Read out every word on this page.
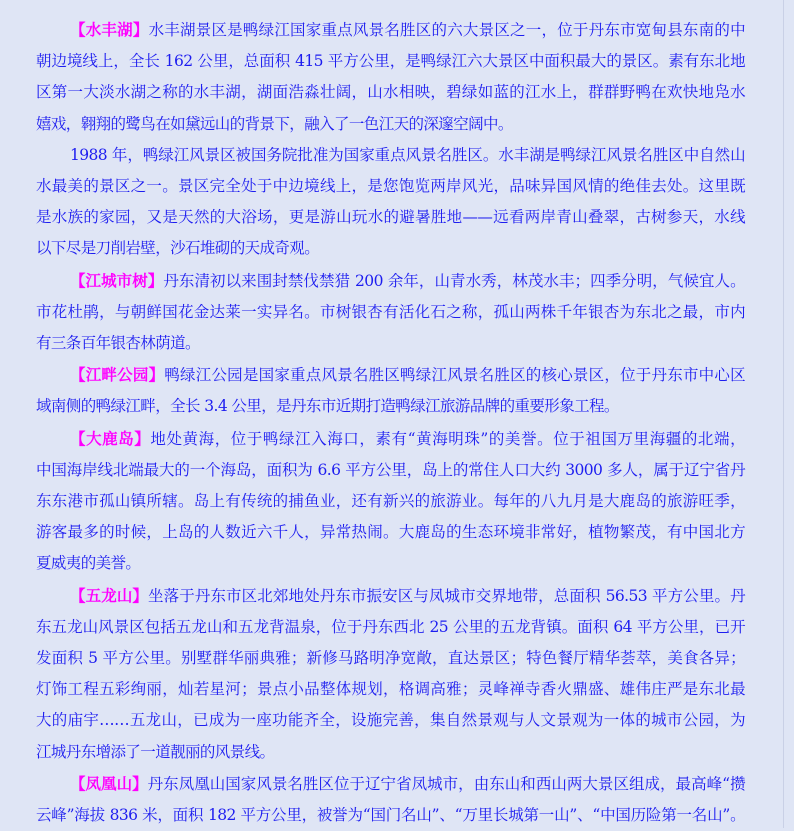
【水丰湖】水丰湖景区是鸭绿江国家重点风景名胜区的六大景区之一，位于丹东市宽甸县东南的中
朝边境线上，全长 162 公里，总面积 415 平方公里，是鸭绿江六大景区中面积最大的景区。素有东北地
区第一大淡水湖之称的水丰湖，湖面浩淼壮阔，山水相映，碧绿如蓝的江水上，群群野鸭在欢快地凫水
嬉戏，翱翔的鹭鸟在如黛远山的背景下，融入了一色江天的深邃空阔中。
1988 年，鸭绿江风景区被国务院批准为国家重点风景名胜区。水丰湖是鸭绿江风景名胜区中自然山
水最美的景区之一。景区完全处于中边境线上，是您饱览两岸风光，品味异国风情的绝佳去处。这里既
是水族的家园，又是天然的大浴场，更是游山玩水的避暑胜地——远看两岸青山叠翠，古树参天，水线
以下尽是刀削岩壁，沙石堆砌的天成奇观。
【江城市树】丹东清初以来围封禁伐禁猎 200 余年，山青水秀，林茂水丰；四季分明，气候宜人。
市花杜鹃，与朝鲜国花金达莱一实异名。市树银杏有活化石之称，孤山两株千年银杏为东北之最，市内
有三条百年银杏林荫道。
【江畔公园】鸭绿江公园是国家重点风景名胜区鸭绿江风景名胜区的核心景区，位于丹东市中心区
域南侧的鸭绿江畔，全长 3.4 公里，是丹东市近期打造鸭绿江旅游品牌的重要形象工程。
【大鹿岛】地处黄海，位于鸭绿江入海口，素有“黄海明珠”的美誉。位于祖国万里海疆的北端，
中国海岸线北端最大的一个海岛，面积为 6.6 平方公里，岛上的常住人口大约 3000 多人，属于辽宁省丹
东东港市孤山镇所辖。岛上有传统的捕鱼业，还有新兴的旅游业。每年的八九月是大鹿岛的旅游旺季，
游客最多的时候，上岛的人数近六千人，异常热闹。大鹿岛的生态环境非常好，植物繁茂，有中国北方
夏威夷的美誉。
【五龙山】坐落于丹东市区北郊地处丹东市振安区与凤城市交界地带，总面积 56.53 平方公里。丹
东五龙山风景区包括五龙山和五龙背温泉，位于丹东西北 25 公里的五龙背镇。面积 64 平方公里，已开
发面积 5 平方公里。别墅群华丽典雅；新修马路明净宽敞，直达景区；特色餐厅精华荟萃，美食各异；
灯饰工程五彩绚丽，灿若星河；景点小品整体规划，格调高雅；灵峰禅寺香火鼎盛、雄伟庄严是东北最
大的庙宇……五龙山，已成为一座功能齐全，设施完善，集自然景观与人文景观为一体的城市公园，为
江城丹东增添了一道靓丽的风景线。
【凤凰山】丹东凤凰山国家风景名胜区位于辽宁省凤城市，由东山和西山两大景区组成，最高峰“攒
云峰”海拔 836 米，面积 182 平方公里，被誉为“国门名山”、“万里长城第一山”、“中国历险第一名山”。
